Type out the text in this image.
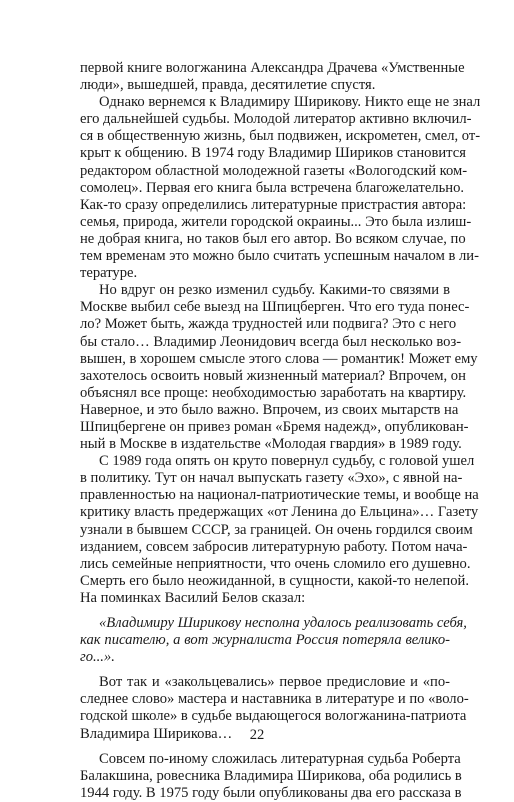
первой книге вологжанина Александра Драчева «Умственные
люди», вышедшей, правда, десятилетие спустя.
Однако вернемся к Владимиру Ширикову. Никто еще не знал
его дальнейшей судьбы. Молодой литератор активно включил-
ся в общественную жизнь, был подвижен, искрометен, смел, от-
крыт к общению. В 1974 году Владимир Шириков становится
редактором областной молодежной газеты «Вологодский ком-
сомолец». Первая его книга была встречена благожелательно.
Как-то сразу определились литературные пристрастия автора:
семья, природа, жители городской окраины... Это была излиш-
не добрая книга, но таков был его автор. Во всяком случае, по
тем временам это можно было считать успешным началом в ли-
тературе.
Но вдруг он резко изменил судьбу. Какими-то связями в
Москве выбил себе выезд на Шпицберген. Что его туда понес-
ло? Может быть, жажда трудностей или подвига? Это с него
бы стало… Владимир Леонидович всегда был несколько воз-
вышен, в хорошем смысле этого слова — романтик! Может ему
захотелось освоить новый жизненный материал? Впрочем, он
объяснял все проще: необходимостью заработать на квартиру.
Наверное, и это было важно. Впрочем, из своих мытарств на
Шпицбергене он привез роман «Бремя надежд», опубликован-
ный в Москве в издательстве «Молодая гвардия» в 1989 году.
С 1989 года опять он круто повернул судьбу, с головой ушел
в политику. Тут он начал выпускать газету «Эхо», с явной на-
правленностью на национал-патриотические темы, и вообще на
критику власть предержащих «от Ленина до Ельцина»… Газету
узнали в бывшем СССР, за границей. Он очень гордился своим
изданием, совсем забросив литературную работу. Потом нача-
лись семейные неприятности, что очень сломило его душевно.
Смерть его было неожиданной, в сущности, какой-то нелепой.
На поминках Василий Белов сказал:
«Владимиру Ширикову несполна удалось реализовать себя,
как писателю, а вот журналиста Россия потеряла велико-
го...».
Вот так и «закольцевались» первое предисловие и «по-
следнее слово» мастера и наставника в литературе и по «воло-
годской школе» в судьбе выдающегося вологжанина-патриота
Владимира Ширикова…
Совсем по-иному сложилась литературная судьба Роберта
Балакшина, ровесника Владимира Ширикова, оба родились в
1944 году. В 1975 году были опубликованы два его рассказа в
22
